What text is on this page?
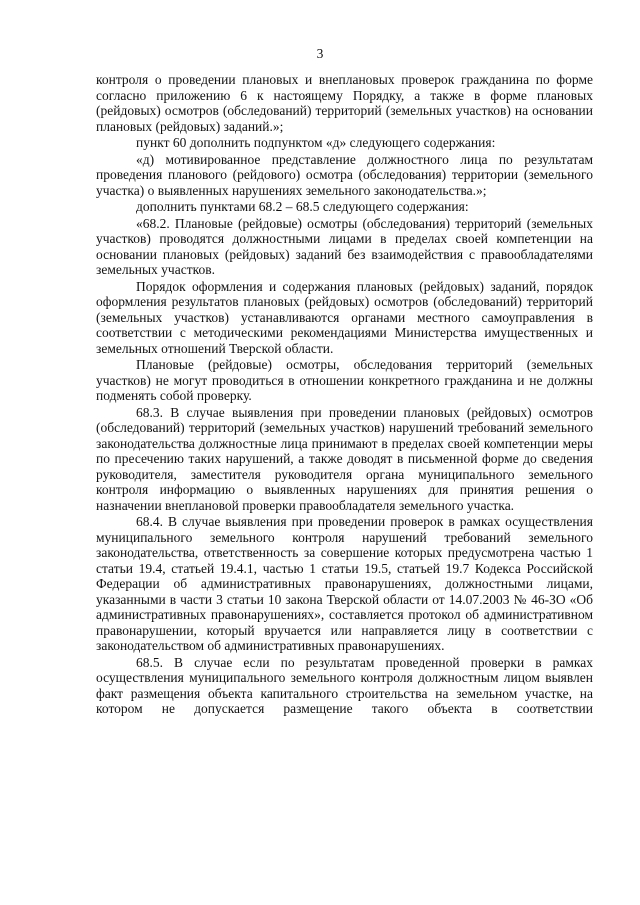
3

контроля о проведении плановых и внеплановых проверок гражданина по форме согласно приложению 6 к настоящему Порядку, а также в форме плановых (рейдовых) осмотров (обследований) территорий (земельных участков) на основании плановых (рейдовых) заданий.»;

пункт 60 дополнить подпунктом «д» следующего содержания:

«д) мотивированное представление должностного лица по результатам проведения планового (рейдового) осмотра (обследования) территории (земельного участка) о выявленных нарушениях земельного законодательства.»;

дополнить пунктами 68.2 – 68.5 следующего содержания:

«68.2. Плановые (рейдовые) осмотры (обследования) территорий (земельных участков) проводятся должностными лицами в пределах своей компетенции на основании плановых (рейдовых) заданий без взаимодействия с правообладателями земельных участков.

Порядок оформления и содержания плановых (рейдовых) заданий, порядок оформления результатов плановых (рейдовых) осмотров (обследований) территорий (земельных участков) устанавливаются органами местного самоуправления в соответствии с методическими рекомендациями Министерства имущественных и земельных отношений Тверской области.

Плановые (рейдовые) осмотры, обследования территорий (земельных участков) не могут проводиться в отношении конкретного гражданина и не должны подменять собой проверку.

68.3. В случае выявления при проведении плановых (рейдовых) осмотров (обследований) территорий (земельных участков) нарушений требований земельного законодательства должностные лица принимают в пределах своей компетенции меры по пресечению таких нарушений, а также доводят в письменной форме до сведения руководителя, заместителя руководителя органа муниципального земельного контроля информацию о выявленных нарушениях для принятия решения о назначении внеплановой проверки правообладателя земельного участка.

68.4. В случае выявления при проведении проверок в рамках осуществления муниципального земельного контроля нарушений требований земельного законодательства, ответственность за совершение которых предусмотрена частью 1 статьи 19.4, статьей 19.4.1, частью 1 статьи 19.5, статьей 19.7 Кодекса Российской Федерации об административных правонарушениях, должностными лицами, указанными в части 3 статьи 10 закона Тверской области от 14.07.2003 № 46-ЗО «Об административных правонарушениях», составляется протокол об административном правонарушении, который вручается или направляется лицу в соответствии с законодательством об административных правонарушениях.

68.5. В случае если по результатам проведенной проверки в рамках осуществления муниципального земельного контроля должностным лицом выявлен факт размещения объекта капитального строительства на земельном участке, на котором не допускается размещение такого объекта в соответствии
